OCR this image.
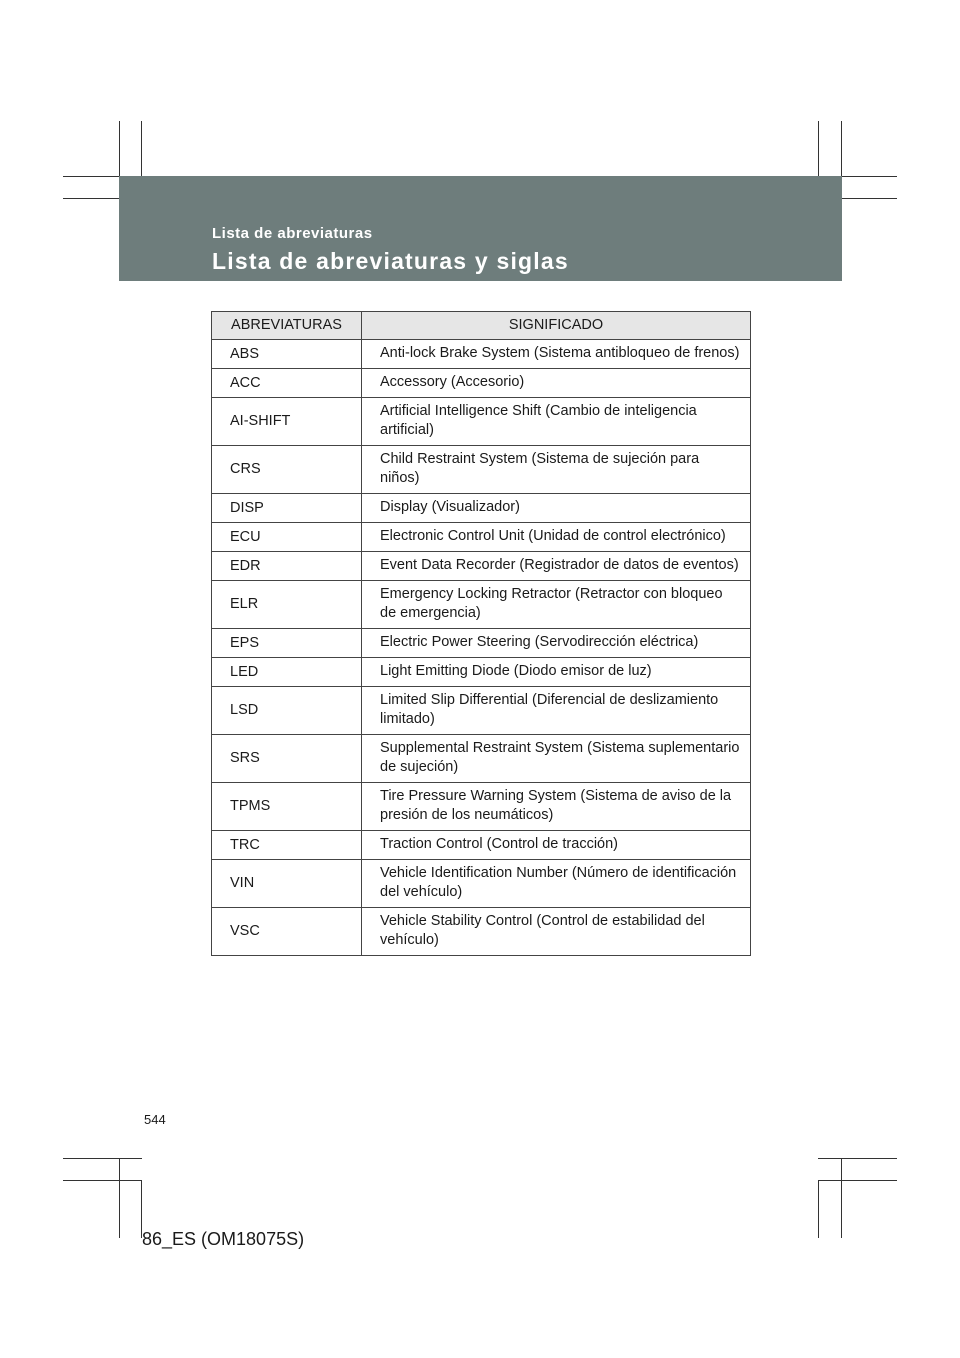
Lista de abreviaturas
Lista de abreviaturas y siglas
ABREVIATURAS	SIGNIFICADO
ABS	Anti-lock Brake System (Sistema antibloqueo de frenos)
ACC	Accessory (Accesorio)
AI-SHIFT	Artificial Intelligence Shift (Cambio de inteligencia artificial)
CRS	Child Restraint System (Sistema de sujeción para niños)
DISP	Display (Visualizador)
ECU	Electronic Control Unit (Unidad de control electrónico)
EDR	Event Data Recorder (Registrador de datos de eventos)
ELR	Emergency Locking Retractor (Retractor con bloqueo de emergencia)
EPS	Electric Power Steering (Servodirección eléctrica)
LED	Light Emitting Diode (Diodo emisor de luz)
LSD	Limited Slip Differential (Diferencial de deslizamiento limitado)
SRS	Supplemental Restraint System (Sistema suplementario de sujeción)
TPMS	Tire Pressure Warning System (Sistema de aviso de la presión de los neumáticos)
TRC	Traction Control (Control de tracción)
VIN	Vehicle Identification Number (Número de identificación del vehículo)
VSC	Vehicle Stability Control (Control de estabilidad del vehículo)
544
86_ES (OM18075S)
